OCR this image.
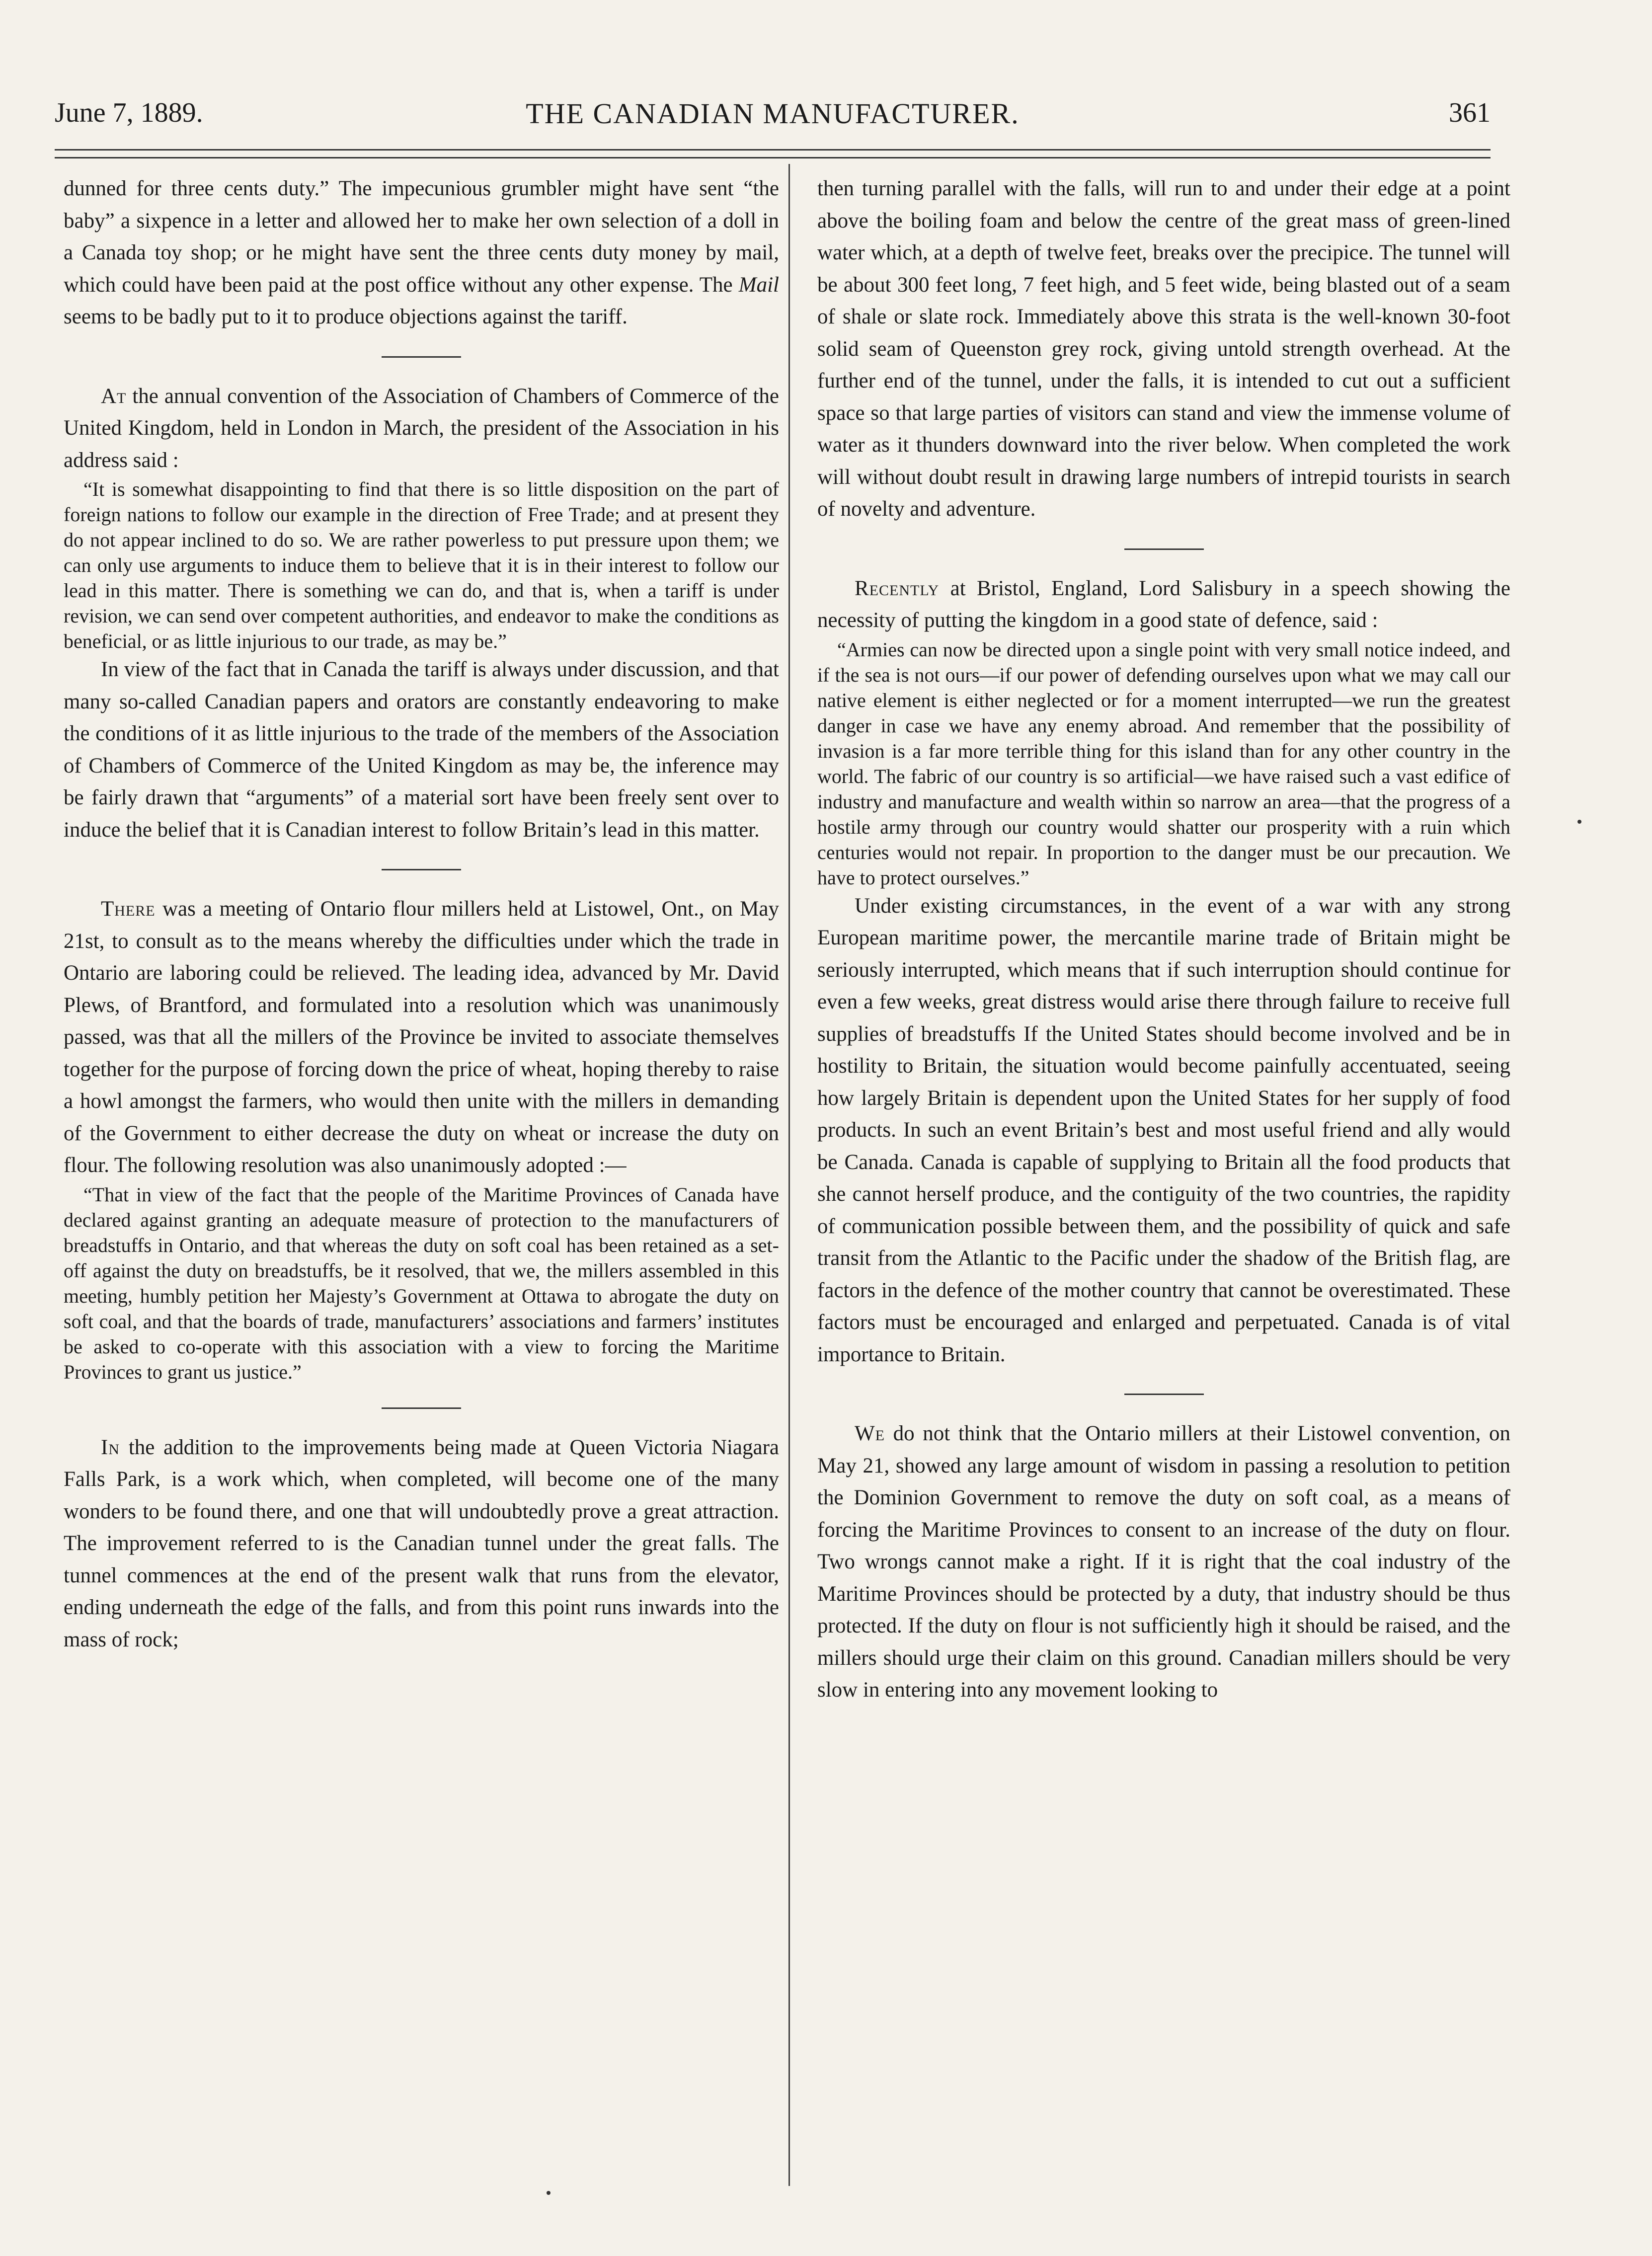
June 7, 1889.	THE CANADIAN MANUFACTURER.	361

dunned for three cents duty.” The impecunious grumbler might have sent “the baby” a sixpence in a letter and allowed her to make her own selection of a doll in a Canada toy shop; or he might have sent the three cents duty money by mail, which could have been paid at the post office without any other expense. The Mail seems to be badly put to it to produce objections against the tariff.

At the annual convention of the Association of Chambers of Commerce of the United Kingdom, held in London in March, the president of the Association in his address said :

“It is somewhat disappointing to find that there is so little disposition on the part of foreign nations to follow our example in the direction of Free Trade; and at present they do not appear inclined to do so. We are rather powerless to put pressure upon them; we can only use arguments to induce them to believe that it is in their interest to follow our lead in this matter. There is something we can do, and that is, when a tariff is under revision, we can send over competent authorities, and endeavor to make the conditions as beneficial, or as little injurious to our trade, as may be.”

In view of the fact that in Canada the tariff is always under discussion, and that many so-called Canadian papers and orators are constantly endeavoring to make the conditions of it as little injurious to the trade of the members of the Association of Chambers of Commerce of the United Kingdom as may be, the inference may be fairly drawn that “arguments” of a material sort have been freely sent over to induce the belief that it is Canadian interest to follow Britain’s lead in this matter.

There was a meeting of Ontario flour millers held at Listowel, Ont., on May 21st, to consult as to the means whereby the difficulties under which the trade in Ontario are laboring could be relieved. The leading idea, advanced by Mr. David Plews, of Brantford, and formulated into a resolution which was unanimously passed, was that all the millers of the Province be invited to associate themselves together for the purpose of forcing down the price of wheat, hoping thereby to raise a howl amongst the farmers, who would then unite with the millers in demanding of the Government to either decrease the duty on wheat or increase the duty on flour. The following resolution was also unanimously adopted :—

“That in view of the fact that the people of the Maritime Provinces of Canada have declared against granting an adequate measure of protection to the manufacturers of breadstuffs in Ontario, and that whereas the duty on soft coal has been retained as a set-off against the duty on breadstuffs, be it resolved, that we, the millers assembled in this meeting, humbly petition her Majesty’s Government at Ottawa to abrogate the duty on soft coal, and that the boards of trade, manufacturers’ associations and farmers’ institutes be asked to co-operate with this association with a view to forcing the Maritime Provinces to grant us justice.”

In the addition to the improvements being made at Queen Victoria Niagara Falls Park, is a work which, when completed, will become one of the many wonders to be found there, and one that will undoubtedly prove a great attraction. The improvement referred to is the Canadian tunnel under the great falls. The tunnel commences at the end of the present walk that runs from the elevator, ending underneath the edge of the falls, and from this point runs inwards into the mass of rock;

then turning parallel with the falls, will run to and under their edge at a point above the boiling foam and below the centre of the great mass of green-lined water which, at a depth of twelve feet, breaks over the precipice. The tunnel will be about 300 feet long, 7 feet high, and 5 feet wide, being blasted out of a seam of shale or slate rock. Immediately above this strata is the well-known 30-foot solid seam of Queenston grey rock, giving untold strength overhead. At the further end of the tunnel, under the falls, it is intended to cut out a sufficient space so that large parties of visitors can stand and view the immense volume of water as it thunders downward into the river below. When completed the work will without doubt result in drawing large numbers of intrepid tourists in search of novelty and adventure.

Recently at Bristol, England, Lord Salisbury in a speech showing the necessity of putting the kingdom in a good state of defence, said :

“Armies can now be directed upon a single point with very small notice indeed, and if the sea is not ours—if our power of defending ourselves upon what we may call our native element is either neglected or for a moment interrupted—we run the greatest danger in case we have any enemy abroad. And remember that the possibility of invasion is a far more terrible thing for this island than for any other country in the world. The fabric of our country is so artificial—we have raised such a vast edifice of industry and manufacture and wealth within so narrow an area—that the progress of a hostile army through our country would shatter our prosperity with a ruin which centuries would not repair. In proportion to the danger must be our precaution. We have to protect ourselves.”

Under existing circumstances, in the event of a war with any strong European maritime power, the mercantile marine trade of Britain might be seriously interrupted, which means that if such interruption should continue for even a few weeks, great distress would arise there through failure to receive full supplies of breadstuffs If the United States should become involved and be in hostility to Britain, the situation would become painfully accentuated, seeing how largely Britain is dependent upon the United States for her supply of food products. In such an event Britain’s best and most useful friend and ally would be Canada. Canada is capable of supplying to Britain all the food products that she cannot herself produce, and the contiguity of the two countries, the rapidity of communication possible between them, and the possibility of quick and safe transit from the Atlantic to the Pacific under the shadow of the British flag, are factors in the defence of the mother country that cannot be overestimated. These factors must be encouraged and enlarged and perpetuated. Canada is of vital importance to Britain.

We do not think that the Ontario millers at their Listowel convention, on May 21, showed any large amount of wisdom in passing a resolution to petition the Dominion Government to remove the duty on soft coal, as a means of forcing the Maritime Provinces to consent to an increase of the duty on flour. Two wrongs cannot make a right. If it is right that the coal industry of the Maritime Provinces should be protected by a duty, that industry should be thus protected. If the duty on flour is not sufficiently high it should be raised, and the millers should urge their claim on this ground. Canadian millers should be very slow in entering into any movement looking to
